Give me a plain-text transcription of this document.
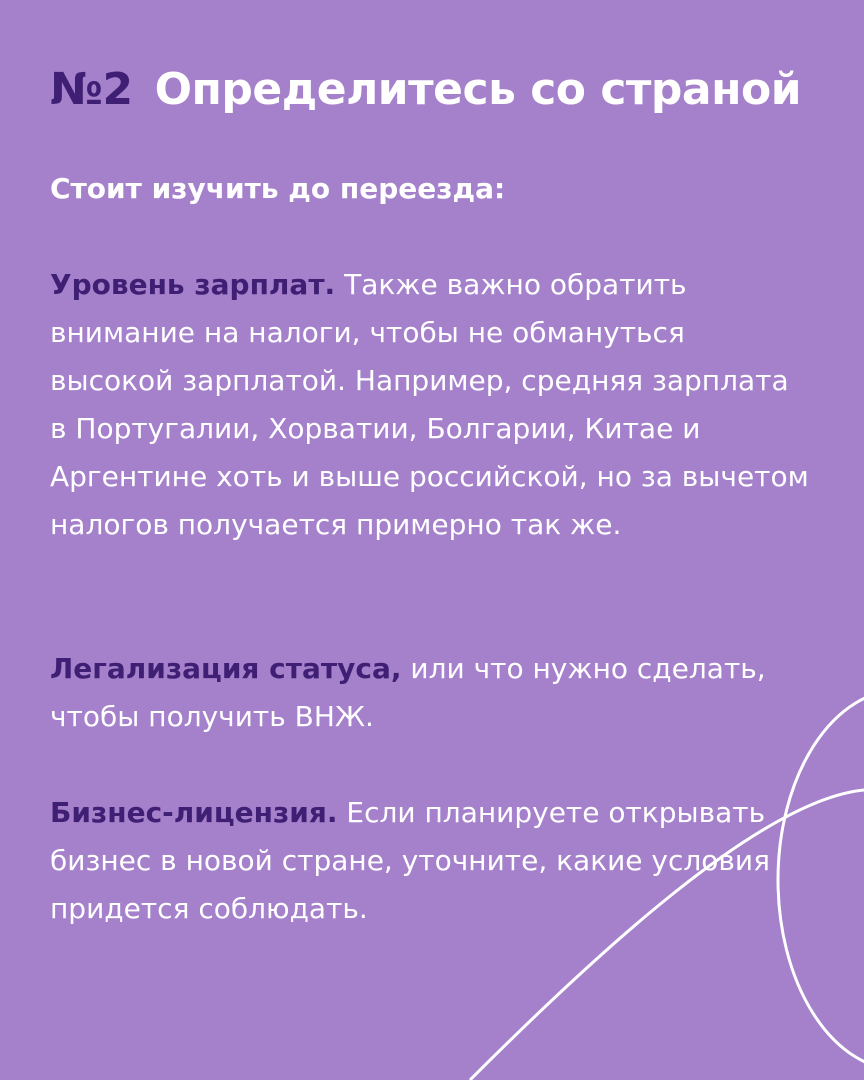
№2 Определитесь со страной

Стоит изучить до переезда:

Уровень зарплат. Также важно обратить внимание на налоги, чтобы не обмануться высокой зарплатой. Например, средняя зарплата в Португалии, Хорватии, Болгарии, Китае и Аргентине хоть и выше российской, но за вычетом налогов получается примерно так же.

Легализация статуса, или что нужно сделать, чтобы получить ВНЖ.

Бизнес-лицензия. Если планируете открывать бизнес в новой стране, уточните, какие условия придется соблюдать.
